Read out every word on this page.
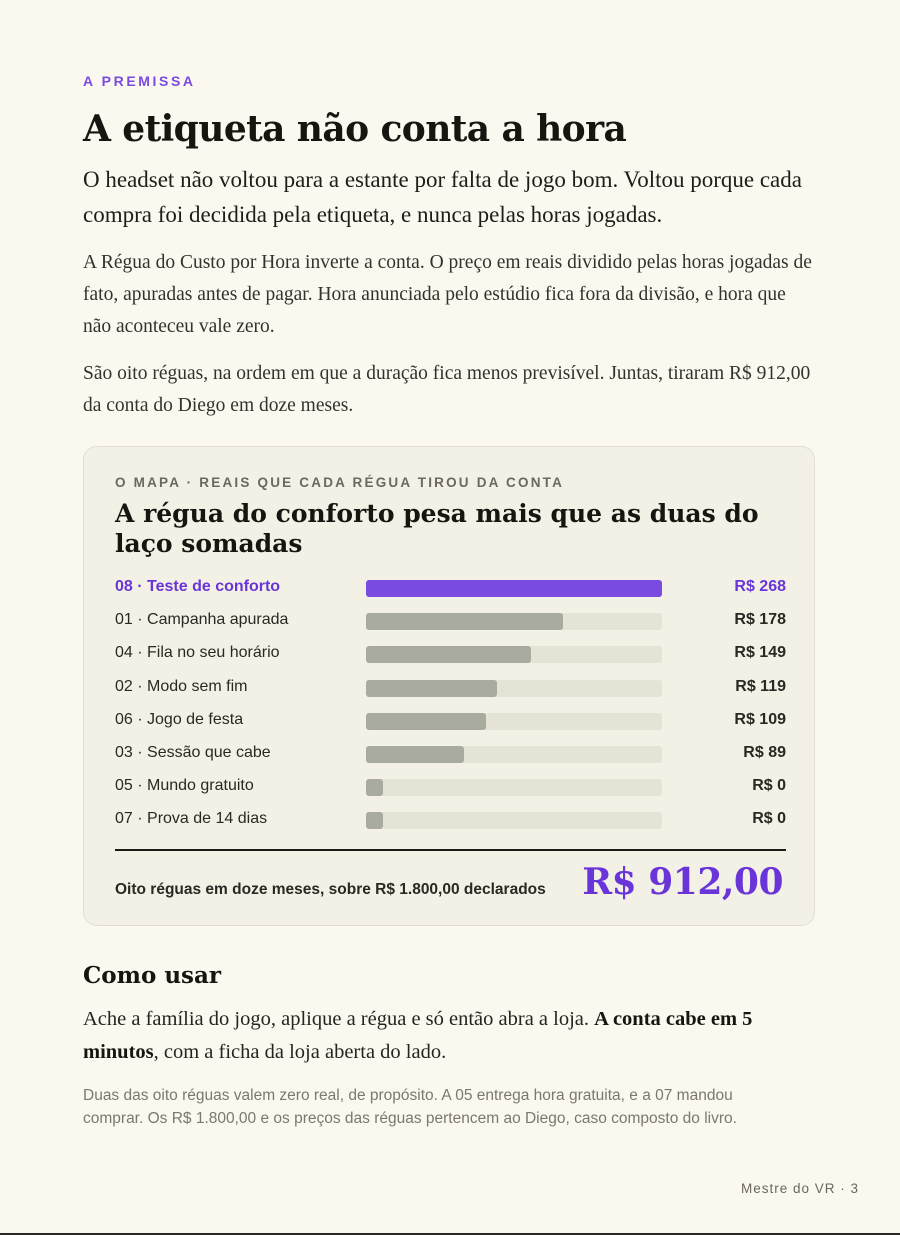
A PREMISSA
A etiqueta não conta a hora

O headset não voltou para a estante por falta de jogo bom. Voltou porque cada compra foi decidida pela etiqueta, e nunca pelas horas jogadas.

A Régua do Custo por Hora inverte a conta. O preço em reais dividido pelas horas jogadas de fato, apuradas antes de pagar. Hora anunciada pelo estúdio fica fora da divisão, e hora que não aconteceu vale zero.

São oito réguas, na ordem em que a duração fica menos previsível. Juntas, tiraram R$ 912,00 da conta do Diego em doze meses.

O MAPA · REAIS QUE CADA RÉGUA TIROU DA CONTA
A régua do conforto pesa mais que as duas do laço somadas
08 · Teste de conforto	R$ 268
01 · Campanha apurada	R$ 178
04 · Fila no seu horário	R$ 149
02 · Modo sem fim	R$ 119
06 · Jogo de festa	R$ 109
03 · Sessão que cabe	R$ 89
05 · Mundo gratuito	R$ 0
07 · Prova de 14 dias	R$ 0
Oito réguas em doze meses, sobre R$ 1.800,00 declarados R$ 912,00
Como usar

Ache a família do jogo, aplique a régua e só então abra a loja. A conta cabe em 5 minutos, com a ficha da loja aberta do lado.

Duas das oito réguas valem zero real, de propósito. A 05 entrega hora gratuita, e a 07 mandou comprar. Os R$ 1.800,00 e os preços das réguas pertencem ao Diego, caso composto do livro.

Mestre do VR · 3
